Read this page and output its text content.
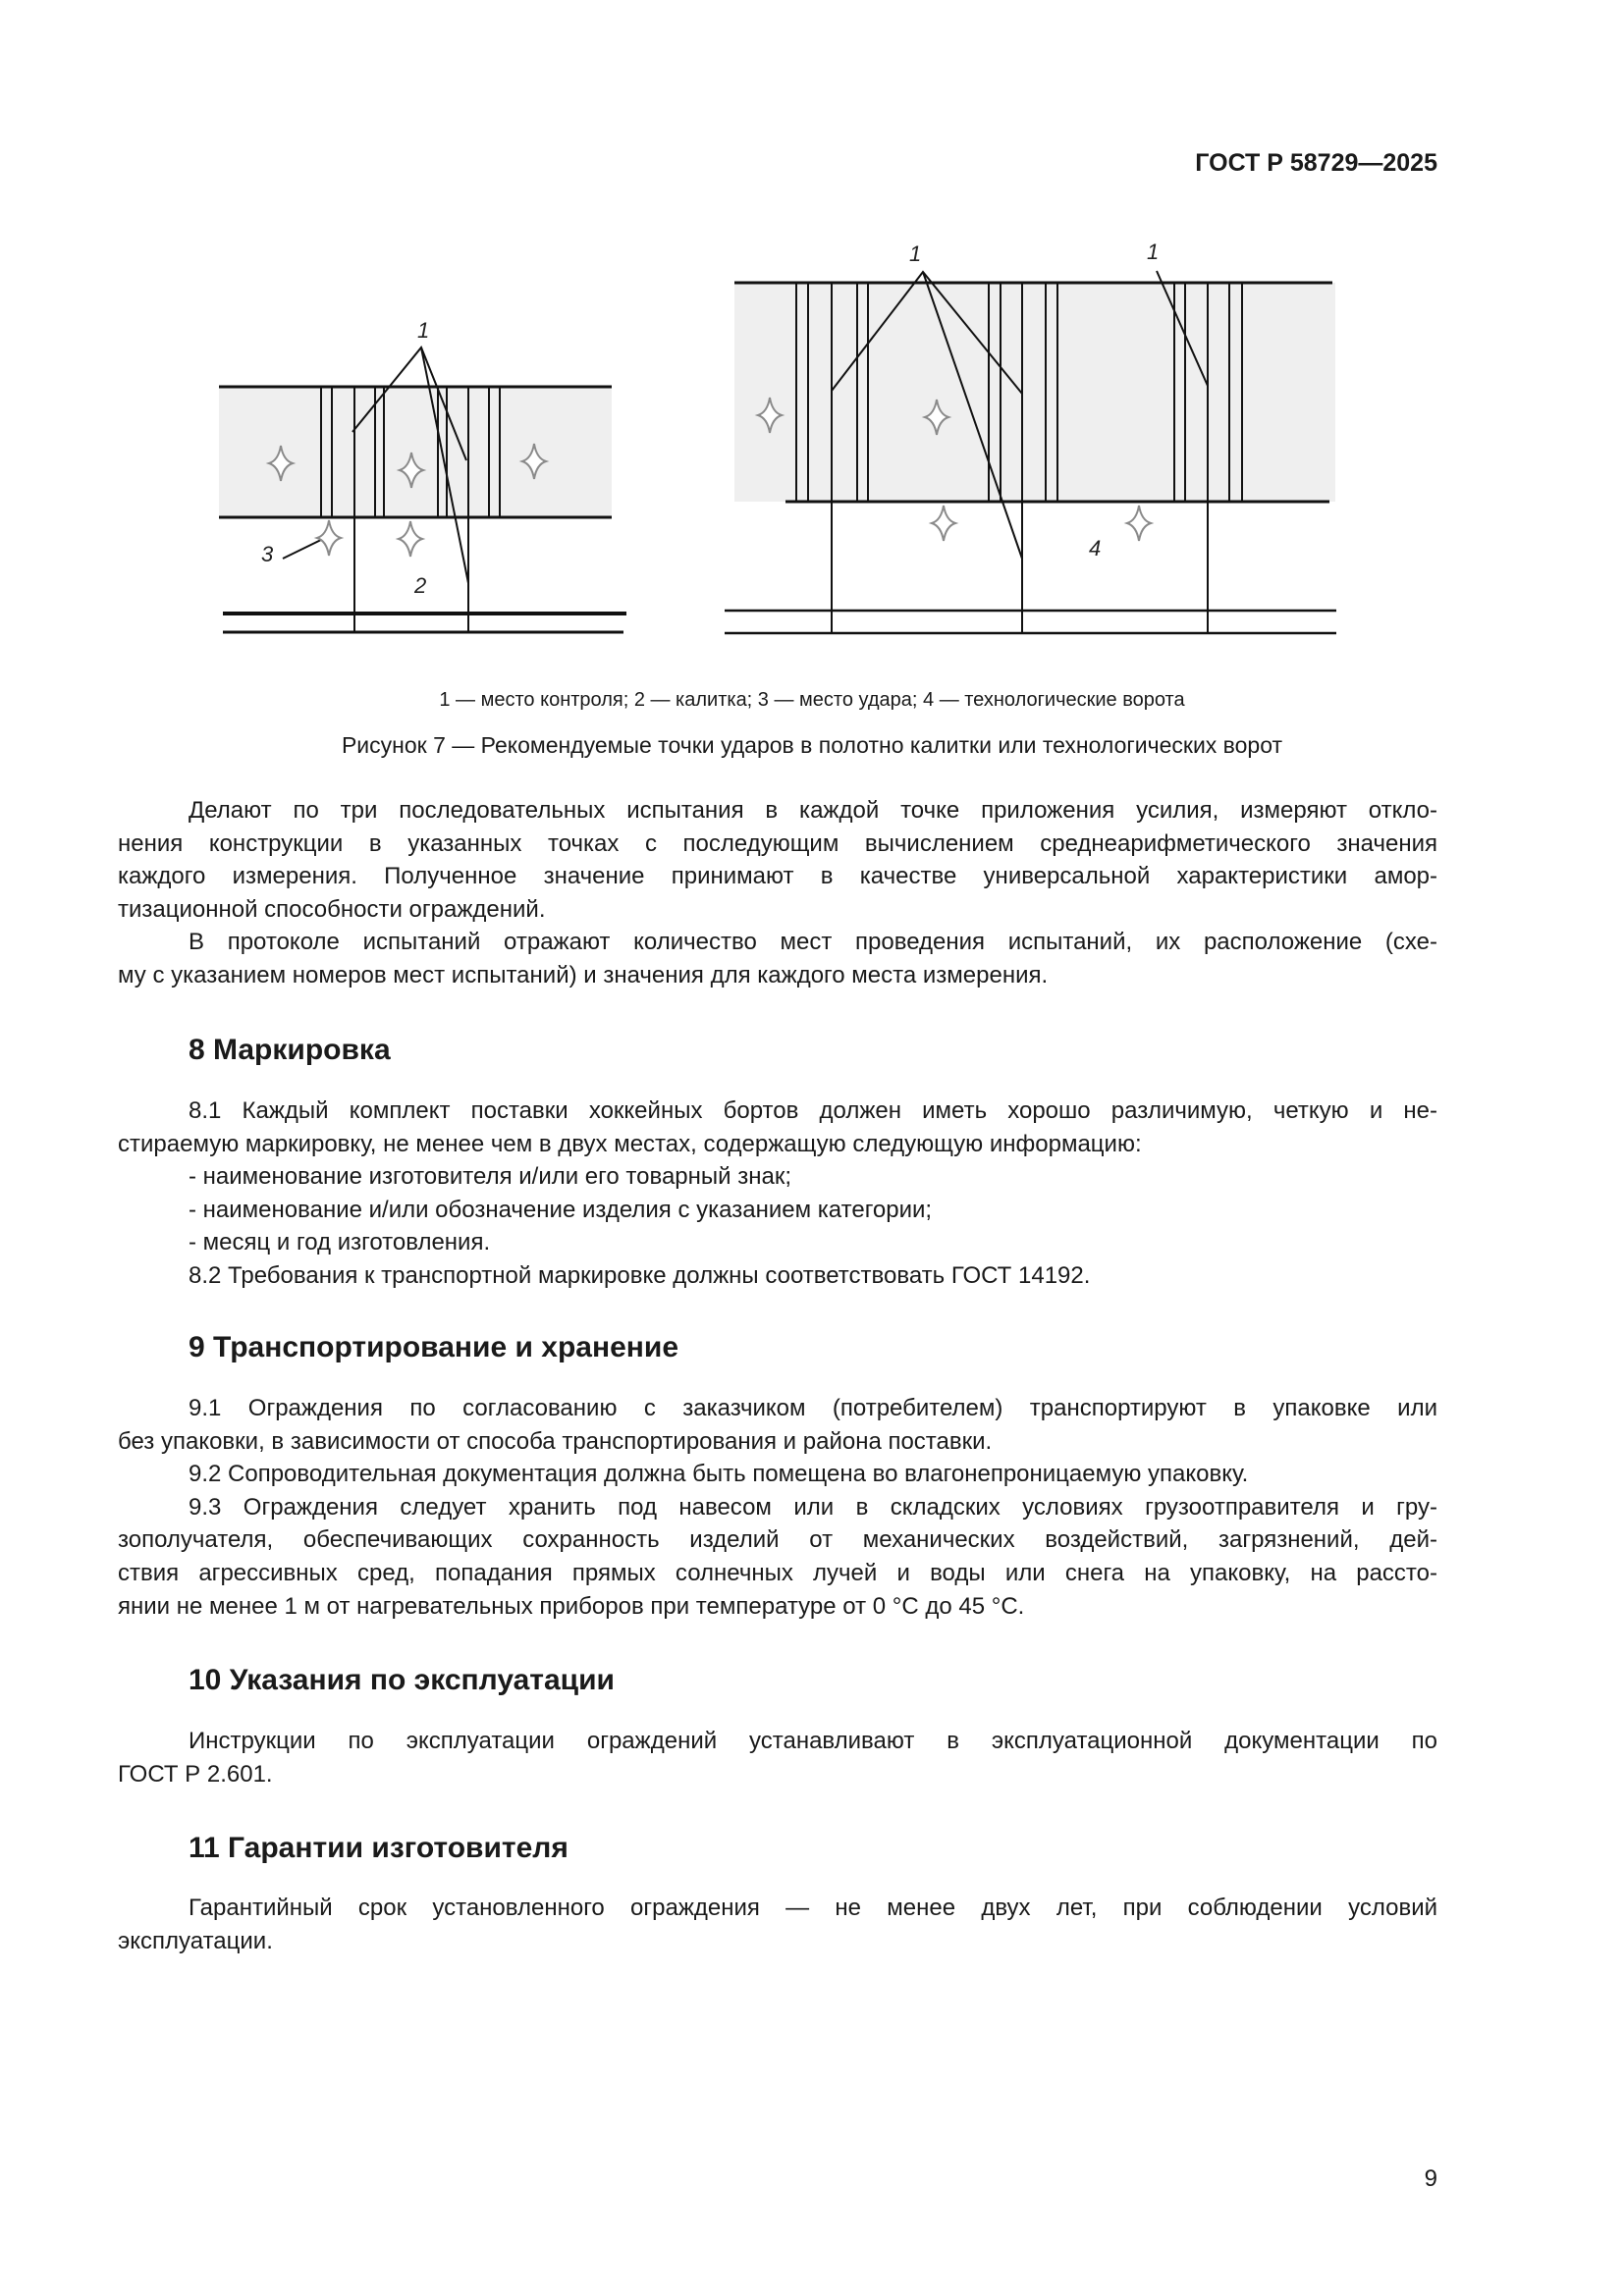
ГОСТ Р 58729—2025
1
3
2
1	1
4
1 — место контроля; 2 — калитка; 3 — место удара; 4 — технологические ворота
Рисунок 7 — Рекомендуемые точки ударов в полотно калитки или технологических ворот
Делают по три последовательных испытания в каждой точке приложения усилия, измеряют откло-
нения конструкции в указанных точках с последующим вычислением среднеарифметического значения
каждого измерения. Полученное значение принимают в качестве универсальной характеристики амор-
тизационной способности ограждений.
В протоколе испытаний отражают количество мест проведения испытаний, их расположение (схе-
му с указанием номеров мест испытаний) и значения для каждого места измерения.
8 Маркировка
8.1 Каждый комплект поставки хоккейных бортов должен иметь хорошо различимую, четкую и не-
стираемую маркировку, не менее чем в двух местах, содержащую следующую информацию:
- наименование изготовителя и/или его товарный знак;
- наименование и/или обозначение изделия с указанием категории;
- месяц и год изготовления.
8.2 Требования к транспортной маркировке должны соответствовать ГОСТ 14192.
9 Транспортирование и хранение
9.1 Ограждения по согласованию с заказчиком (потребителем) транспортируют в упаковке или
без упаковки, в зависимости от способа транспортирования и района поставки.
9.2 Сопроводительная документация должна быть помещена во влагонепроницаемую упаковку.
9.3 Ограждения следует хранить под навесом или в складских условиях грузоотправителя и гру-
зополучателя, обеспечивающих сохранность изделий от механических воздействий, загрязнений, дей-
ствия агрессивных сред, попадания прямых солнечных лучей и воды или снега на упаковку, на рассто-
янии не менее 1 м от нагревательных приборов при температуре от 0 °С до 45 °С.
10 Указания по эксплуатации
Инструкции по эксплуатации ограждений устанавливают в эксплуатационной документации по
ГОСТ Р 2.601.
11 Гарантии изготовителя
Гарантийный срок установленного ограждения — не менее двух лет, при соблюдении условий
эксплуатации.
9
